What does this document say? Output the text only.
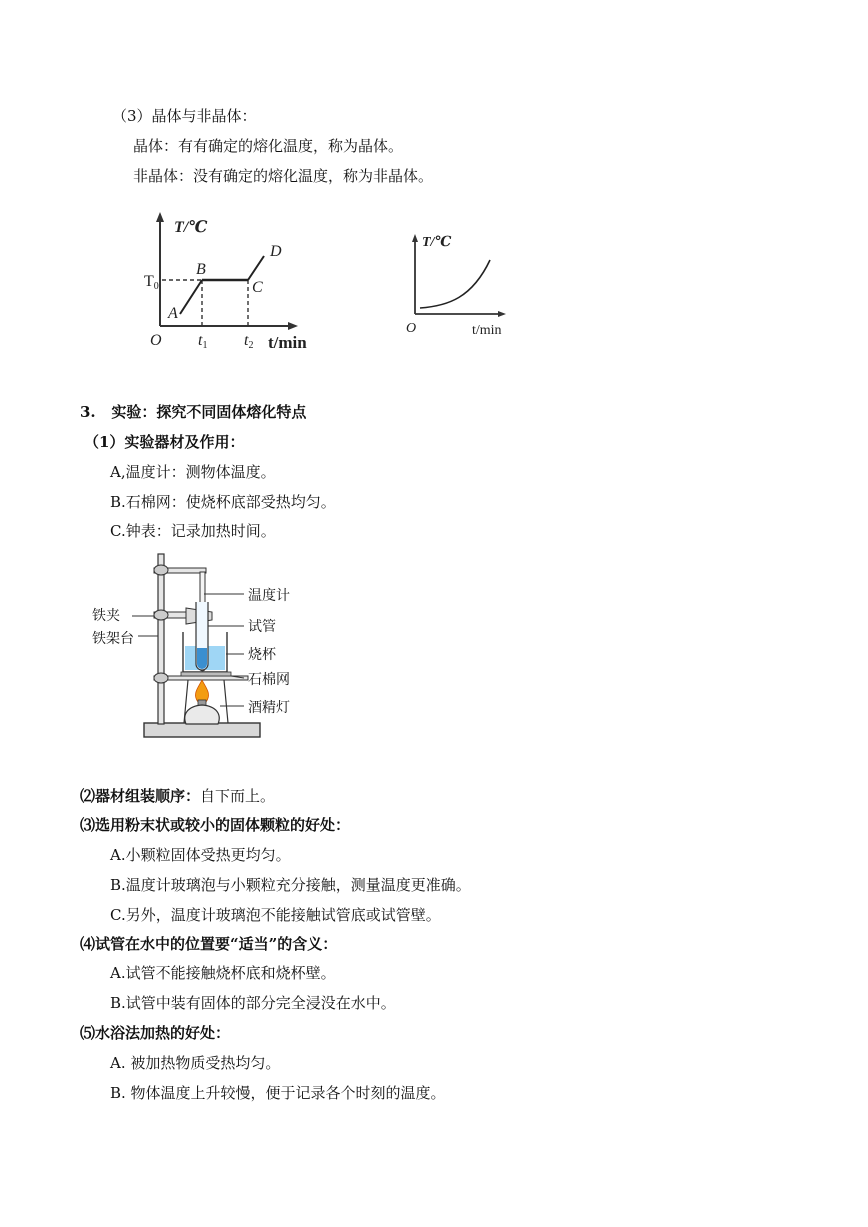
（3）晶体与非晶体：
晶体：有有确定的熔化温度，称为晶体。
非晶体：没有确定的熔化温度，称为非晶体。
T/℃
T0
O t1 t2 t/min
A
B
C
D
T/℃
O	t/min
3. 实验：探究不同固体熔化特点
（1）实验器材及作用：
A,温度计：测物体温度。
B.石棉网：使烧杯底部受热均匀。
C.钟表：记录加热时间。
温度计
试管
烧杯
石棉网
酒精灯
铁夹
铁架台
⑵器材组装顺序：自下而上。
⑶选用粉末状或较小的固体颗粒的好处：
A.小颗粒固体受热更均匀。
B.温度计玻璃泡与小颗粒充分接触，测量温度更准确。
C.另外，温度计玻璃泡不能接触试管底或试管壁。
⑷试管在水中的位置要“适当”的含义：
A.试管不能接触烧杯底和烧杯壁。
B.试管中装有固体的部分完全浸没在水中。
⑸水浴法加热的好处：
A. 被加热物质受热均匀。
B. 物体温度上升较慢，便于记录各个时刻的温度。
